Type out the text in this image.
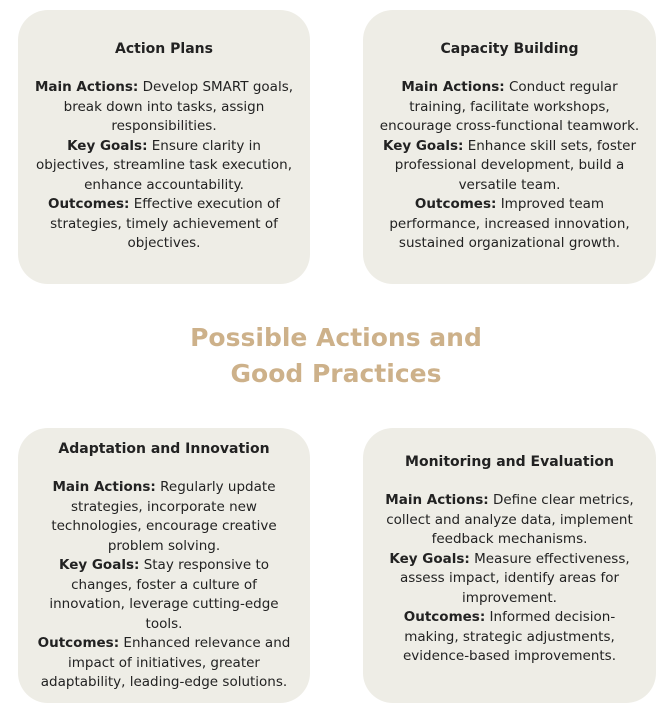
Action Plans

Main Actions: Develop SMART goals, break down into tasks, assign responsibilities.

Key Goals: Ensure clarity in objectives, streamline task execution, enhance accountability.

Outcomes: Effective execution of strategies, timely achievement of objectives.

Capacity Building

Main Actions: Conduct regular training, facilitate workshops, encourage cross-functional teamwork.

Key Goals: Enhance skill sets, foster professional development, build a versatile team.

Outcomes: Improved team performance, increased innovation, sustained organizational growth.

Possible Actions and
Good Practices
Adaptation and Innovation

Main Actions: Regularly update strategies, incorporate new technologies, encourage creative problem solving.

Key Goals: Stay responsive to changes, foster a culture of innovation, leverage cutting-edge tools.

Outcomes: Enhanced relevance and impact of initiatives, greater adaptability, leading-edge solutions.

Monitoring and Evaluation

Main Actions: Define clear metrics, collect and analyze data, implement feedback mechanisms.

Key Goals: Measure effectiveness, assess impact, identify areas for improvement.

Outcomes: Informed decision-making, strategic adjustments, evidence-based improvements.
